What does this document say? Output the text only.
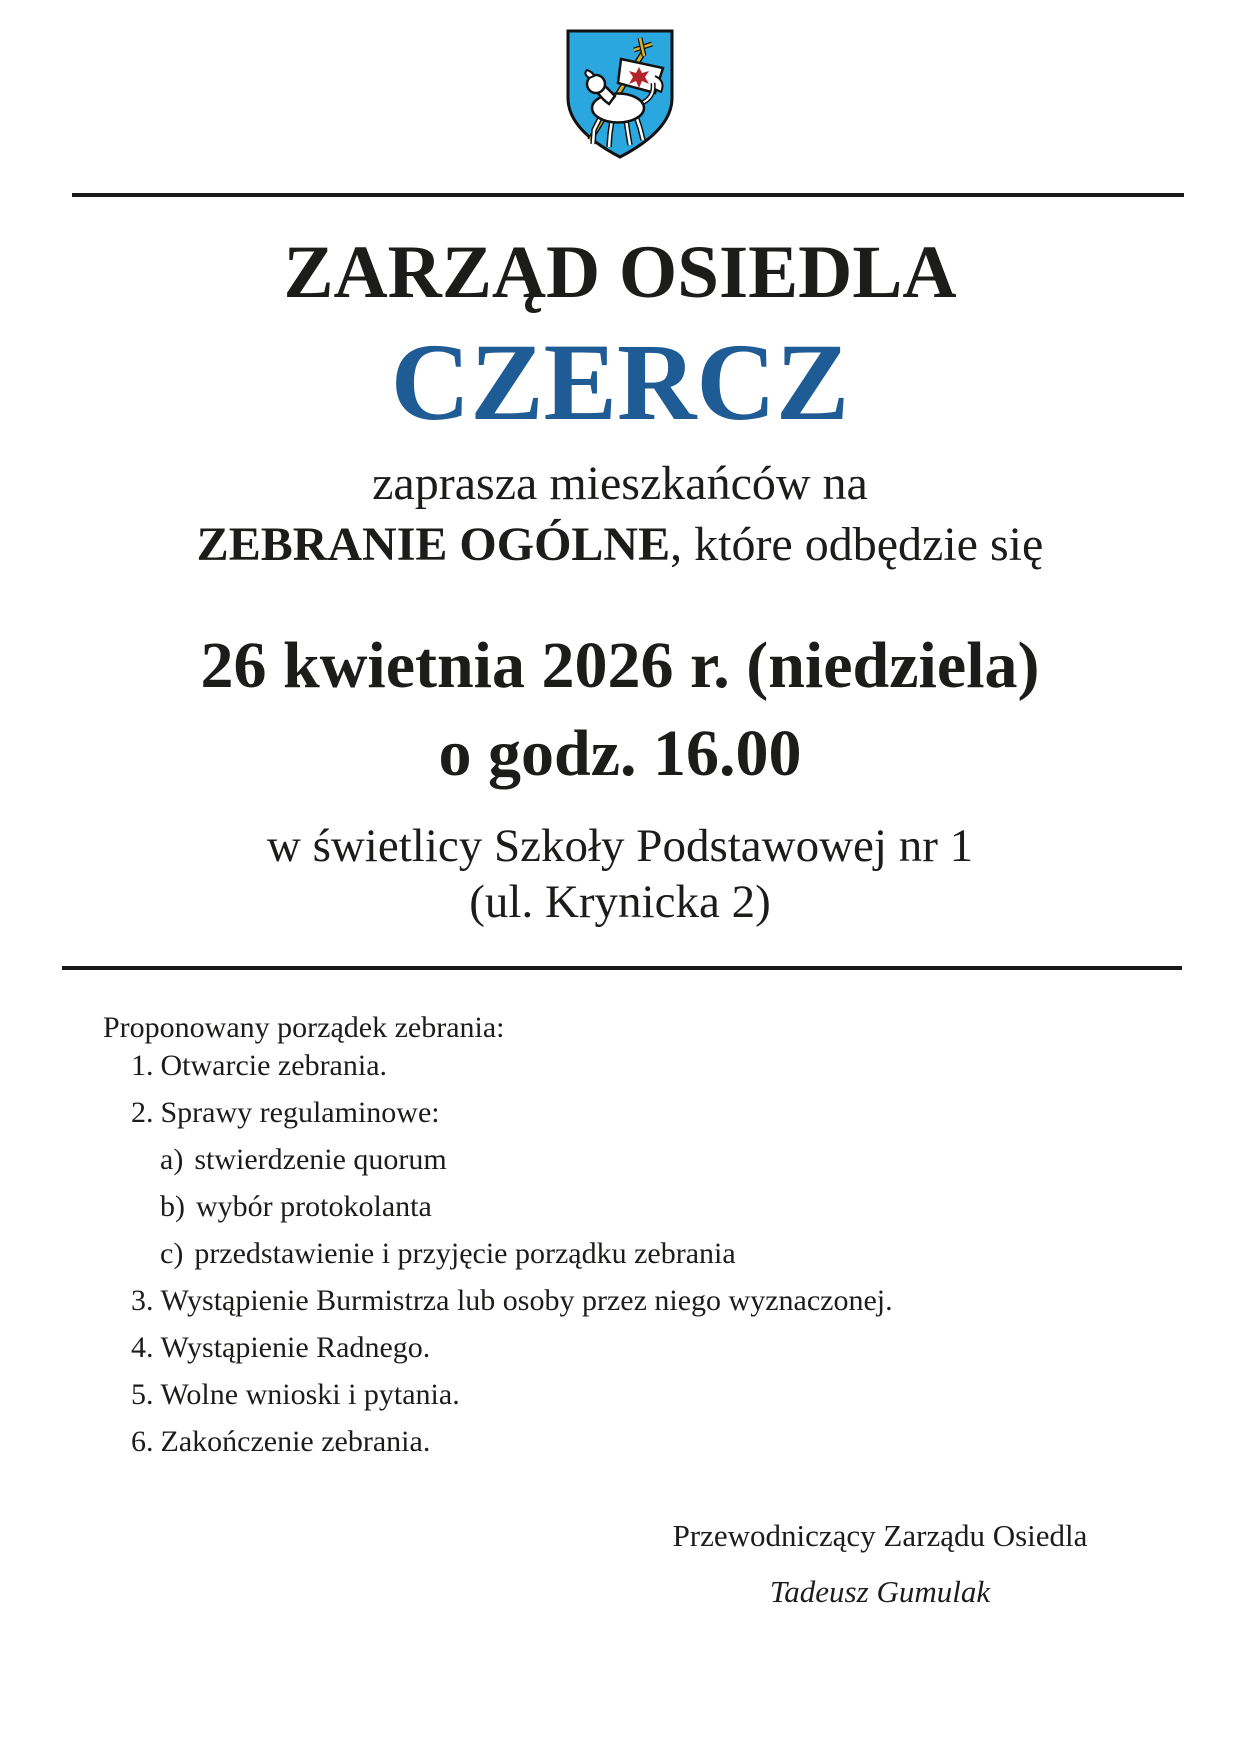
ZARZĄD OSIEDLA
CZERCZ
zaprasza mieszkańców na
ZEBRANIE OGÓLNE, które odbędzie się
26 kwietnia 2026 r. (niedziela)
o godz. 16.00
w świetlicy Szkoły Podstawowej nr 1
(ul. Krynicka 2)
Proponowany porządek zebrania:
1. Otwarcie zebrania.
2. Sprawy regulaminowe:
a) stwierdzenie quorum
b) wybór protokolanta
c) przedstawienie i przyjęcie porządku zebrania
3. Wystąpienie Burmistrza lub osoby przez niego wyznaczonej.
4. Wystąpienie Radnego.
5. Wolne wnioski i pytania.
6. Zakończenie zebrania.
Przewodniczący Zarządu Osiedla
Tadeusz Gumulak
